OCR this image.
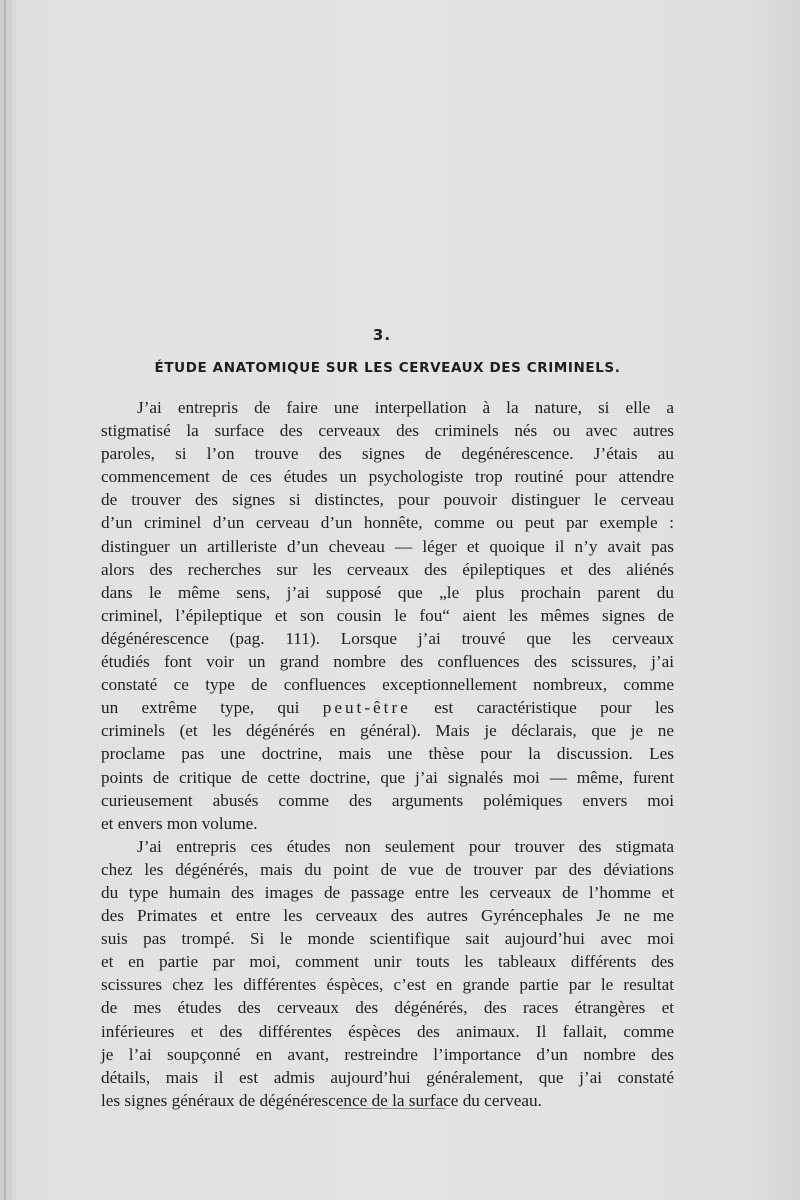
3.
ÉTUDE ANATOMIQUE SUR LES CERVEAUX DES CRIMINELS.
J’ai entrepris de faire une interpellation à la nature, si elle a
stigmatisé la surface des cerveaux des criminels nés ou avec autres
paroles, si l’on trouve des signes de degénérescence. J’étais au
commencement de ces études un psychologiste trop routiné pour attendre
de trouver des signes si distinctes, pour pouvoir distinguer le cerveau
d’un criminel d’un cerveau d’un honnête, comme ou peut par exemple :
distinguer un artilleriste d’un cheveau — léger et quoique il n’y avait pas
alors des recherches sur les cerveaux des épileptiques et des aliénés
dans le même sens, j’ai supposé que „le plus prochain parent du
criminel, l’épileptique et son cousin le fou“ aient les mêmes signes de
dégénérescence (pag. 111). Lorsque j’ai trouvé que les cerveaux
étudiés font voir un grand nombre des confluences des scissures, j’ai
constaté ce type de confluences exceptionnellement nombreux, comme
un extrême type, qui peut-être est caractéristique pour les
criminels (et les dégénérés en général). Mais je déclarais, que je ne
proclame pas une doctrine, mais une thèse pour la discussion. Les
points de critique de cette doctrine, que j’ai signalés moi — même, furent
curieusement abusés comme des arguments polémiques envers moi
et envers mon volume.
J’ai entrepris ces études non seulement pour trouver des stigmata
chez les dégénérés, mais du point de vue de trouver par des déviations
du type humain des images de passage entre les cerveaux de l’homme et
des Primates et entre les cerveaux des autres Gyréncephales Je ne me
suis pas trompé. Si le monde scientifique sait aujourd’hui avec moi
et en partie par moi, comment unir touts les tableaux différents des
scissures chez les différentes éspèces, c’est en grande partie par le resultat
de mes études des cerveaux des dégénérés, des races étrangères et
inférieures et des différentes éspèces des animaux. Il fallait, comme
je l’ai soupçonné en avant, restreindre l’importance d’un nombre des
détails, mais il est admis aujourd’hui généralement, que j’ai constaté
les signes généraux de dégénérescence de la surface du cerveau.
